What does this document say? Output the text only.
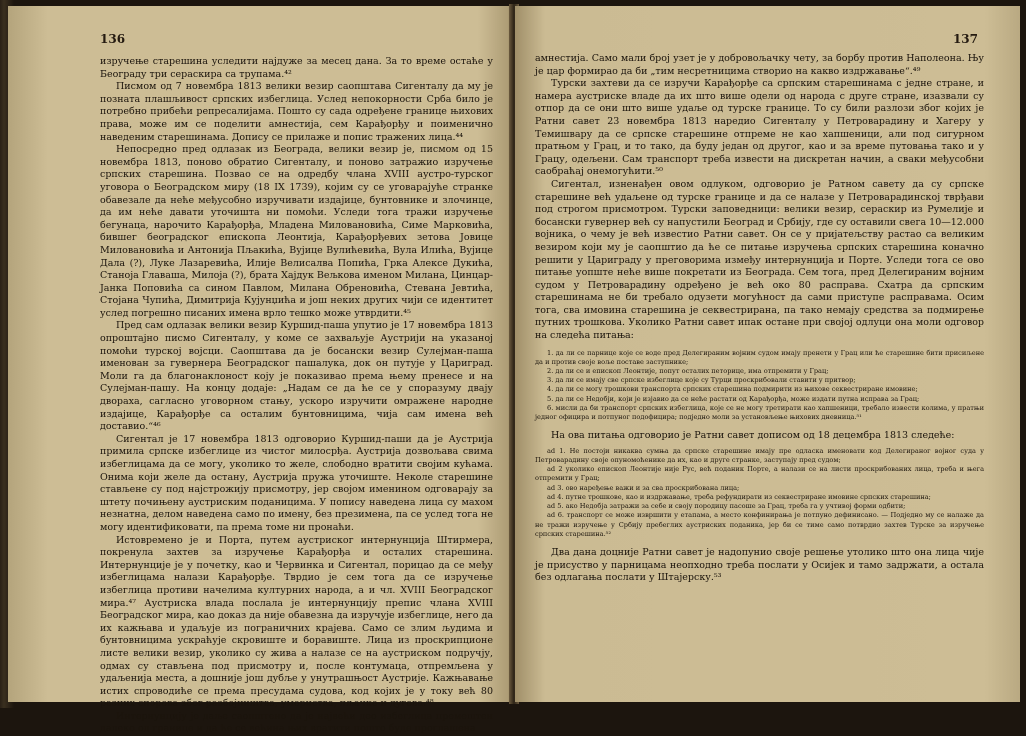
136

изручење старешина уследити најдуже за месец дана. За то време остаће у Београду три сераскира са трупама.⁴²

Писмом од 7 новембра 1813 велики везир саопштава Сигенталу да му је позната плашљивост српских избеглица. Услед непокорности Срба било је потребно прибећи репресалијама. Пошто су сада одређене границе њихових права, може им се поделити амнестија, сем Карађорђу и поименично наведеним старешинама. Допису се прилаже и попис тражених лица.⁴⁴

Непосредно пред одлазак из Београда, велики везир је, писмом од 15 новембра 1813, поново обратио Сигенталу, и поново затражио изручење српских старешина. Позвао се на одредбу члана XVIII аустро-турског уговора о Београдском миру (18 IX 1739), којим су се уговарајуће странке обавезале да неће међусобно изручивати издајице, бунтовнике и злочинце, да им неће давати уточишта ни помоћи. Уследи тога тражи изручење бегунаца, нарочито Карађорђа, Младена Миловановића, Симе Марковића, бившег београдског епископа Леонтија, Карађорђевих зетова Јовице Миловановића и Антонија Пљакића, Вујице Вулићевића, Вула Илића, Вујице Дала (?), Луке Лазаревића, Илије Велисалва Попића, Грка Алексе Дукића, Станоја Главаша, Милоја (?), брата Хајдук Вељкова именом Милана, Цинцар-Јанка Поповића са сином Павлом, Милана Обреновића, Стевана Јевтића, Стојана Чупића, Димитрија Кујунџића и још неких других чији се идентитет услед погрешно писаних имена врло тешко може утврдити.⁴⁵

Пред сам одлазак велики везир Куршид-паша упутио је 17 новембра 1813 опроштајно писмо Сигенталу, у коме се захваљује Аустрији на указаној помоћи турској војсци. Саопштава да је босански везир Сулејман-паша именован за гувернера Београдског пашалука, док он путује у Цариград. Моли га да благонаклоност коју је показивао према њему пренесе и на Сулејман-пашу. На концу додаје: „Надам се да ће се у споразуму двају двораха, сагласно уговорном стању, ускоро изручити омражене народне издајице, Карађорђе са осталим бунтовницима, чија сам имена већ доставио.“⁴⁶

Сигентал је 17 новембра 1813 одговорио Куршид-паши да је Аустрија примила српске избеглице из чистог милосрђа. Аустрија дозвољава свима избеглицама да се могу, уколико то желе, слободно вратити својим кућама. Онима који желе да остану, Аустрија пружа уточиште. Неколе старешине стављене су под најстрожију присмотру, јер својом именином одговарају за штету почињену аустриским поданицима. У попису наведена лица су махом незнатна, делом наведена само по имену, без презимена, па се услед тога не могу идентификовати, па према томе ни пронаћи.

Истовремено је и Порта, путем аустриског интернунција Штирмера, покренула захтев за изручење Карађорђа и осталих старешина. Интернунције је у почетку, као и Червинка и Сигентал, порицао да се међу избеглицама налази Карађорђе. Тврдио је сем тога да се изручење избеглица противи начелима културних народа, а и чл. XVIII Београдског мира.⁴⁷ Аустриска влада послала је интернунцију препис члана XVIII Београдског мира, као доказ да није обавезна да изручује избеглице, него да их кажњава и удаљује из пограничних крајева. Само се злим људима и бунтовницима ускраћује скровиште и боравиште. Лица из проскрипционе листе велики везир, уколико су живa а налазе се на аустриском подручју, одмах су стављена под присмотру и, после контумаца, отпремљена у удаљенија места, а дошније још дубље у унутрашњост Аустрије. Кажњавање истих спроводиће се према пресудама судова, код којих је у току већ 80 разних спорова због разбојништва, умориства, пљачке и дугова.⁴⁸

Интернунцију је даље саопштено да је највећи део избеглица премештен далеко од границе и да ће се већина њих вратити пошто буде проглашена

137

амнестија. Само мали број узет је у добровољачку чету, за борбу против Наполеона. Њу је цар формирао да би „тим несретницима створио на какво издржавање“.⁴⁹

Турски захтеви да се изручи Карађорђе са српским старешинама с једне стране, и намера аустриске владе да их што више одели од народа с друге стране, изазвали су отпор да се они што више удаље од турске границе. То су били разлози због којих је Ратни савет 23 новембра 1813 наредио Сигенталу у Петроварадину и Хагеру у Темишвару да се српске старешине отпреме не као хапшеници, али под сигурном пратњом у Грац, и то тако, да буду један од другог, као и за време путовања тако и у Грацу, одељени. Сам транспорт треба извести на дискретан начин, а сваки међусобни саобраћај онемогућити.⁵⁰

Сигентал, изненађен овом одлуком, одговорио је Ратном савету да су српске старешине већ удаљене од турске границе и да се налазе у Петроварадинској тврђави под строгом присмотром. Турски заповедници: велики везир, сераскир из Румелије и босански гувернер већ су напустили Београд и Србију, где су оставили свега 10—12.000 војника, о чему је већ известио Ратни савет. Он се у пријатељству растао са великим везиром који му је саопштио да ће се питање изручења српских старешина коначно решити у Цариграду у преговорима између интернунција и Порте. Уследи тога се ово питање уопште неће више покретати из Београда. Сем тога, пред Делегираним војним судом у Петроварадину одређено је већ око 80 расправа. Схатра да српским старешинама не би требало одузети могућност да сами приступе расправама. Осим тога, сва имовина старешина је секвестрирана, па тако немају средства за подмирење путних трошкова. Уколико Ратни савет ипак остане при својој одлуци она моли одговор на следећа питања:

1. да ли се парнице које се воде пред Делегираним војним судом имају пренети у Грац или ће старешине бити присиљене да и против своје воље поставе заступнике;

2. да ли се и епископ Леонтије, попут осталих петорице, има отпремити у Грац;

3. да ли се имају све српске избеглице које су Турци проскрибовали ставити у притвор;

4. да ли се могу трошкови транспорта српских старешина подмирити из њихове секвестриране имовине;

5. да ли се Недобји, који је изјавио да се неће растати од Карађорђа, може издати путна исправа за Грац;

6. мисли да би транспорт српских избеглица, које се не могу третирати као хапшеници, требало извести колима, у пратњи једног официра и потпуног подофицира; подједно моли за установљење њихових дневница.⁵¹

На ова питања одговорио је Ратни савет дописом од 18 децембра 1813 следеће:

ad 1. Не постоји никаква сумња да српске старешине имају пре одласка именовати код Делегираног војног суда у Петроварадину своје опуномоћенике да их, као и друге странке, заступају пред судом;

ad 2 уколико епископ Леонтије није Рус, већ поданик Порте, а налази се на листи проскрибованих лица, треба и њега отпремити у Грац;

ad 3. ово наређење важи и за сва проскрибована лица;

ad 4. путне трошкове, као и издржавање, треба рефундирати из секвестриране имовине српских старешина;

ad 5. ако Недобја затражи за себе и своју породицу пасоше за Грац, треба га у учтивој форми одбити;

ad 6. транспорт се може извршити у етапама, а место конфинирања је потпуно дефинисано. — Подједно му се налаже да не тражи изручење у Србију пребеглих аустриских поданика, јер би се тиме само потврдио захтев Турске за изручење српских старешина.⁵²

Два дана доцније Ратни савет је надопунио своје решење утолико што она лица чије је присуство у парницама неопходно треба послати у Осијек и тамо задржати, а остала без одлагања послати у Штајерску.⁵³
